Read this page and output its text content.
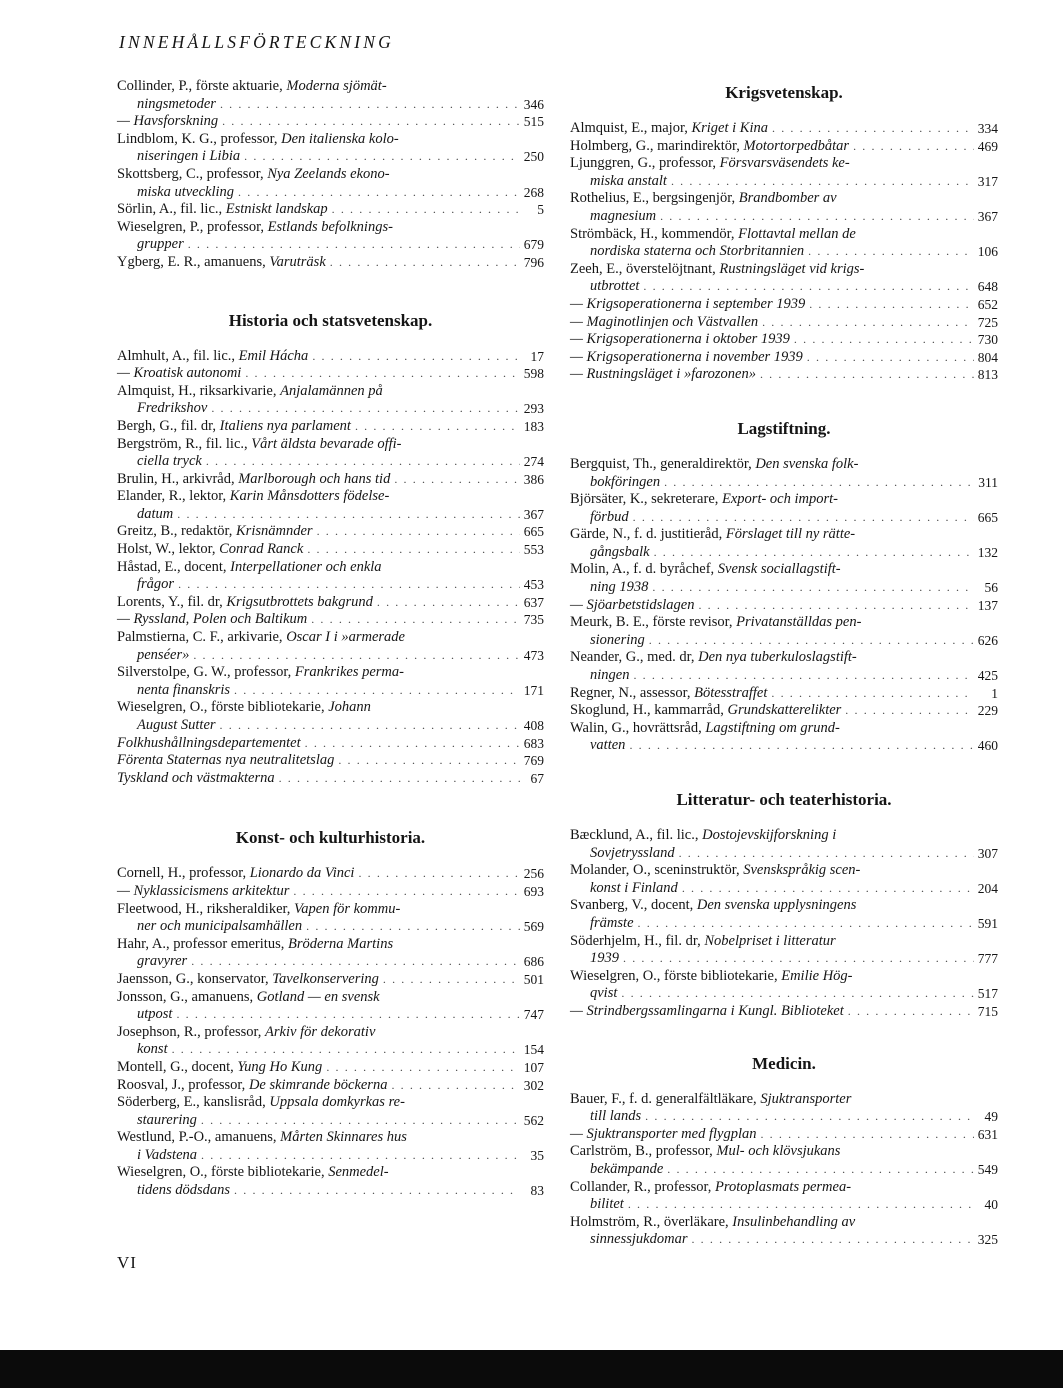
INNEHÅLLSFÖRTECKNING
Collinder, P., förste aktuarie, Moderna sjömät-
ningsmetoder . . .	346
— Havsforskning . . .	515
Lindblom, K. G., professor, Den italienska kolo-
niseringen i Libia . . .	250
Skottsberg, C., professor, Nya Zeelands ekono-
miska utveckling . . .	268
Sörlin, A., fil. lic., Estniskt landskap . . .	5
Wieselgren, P., professor, Estlands befolknings-
grupper . . .	679
Ygberg, E. R., amanuens, Varuträsk . . .	796
Historia och statsvetenskap.
Almhult, A., fil. lic., Emil Hácha . . .	17
— Kroatisk autonomi . . .	598
Almquist, H., riksarkivarie, Anjalamännen på
Fredrikshov . . .	293
Bergh, G., fil. dr, Italiens nya parlament . . .	183
Bergström, R., fil. lic., Vårt äldsta bevarade offi-
ciella tryck . . .	274
Brulin, H., arkivråd, Marlborough och hans tid . . .	386
Elander, R., lektor, Karin Månsdotters födelse-
datum . . .	367
Greitz, B., redaktör, Krisnämnder . . .	665
Holst, W., lektor, Conrad Ranck . . .	553
Håstad, E., docent, Interpellationer och enkla
frågor . . .	453
Lorents, Y., fil. dr, Krigsutbrottets bakgrund . . .	637
— Ryssland, Polen och Baltikum . . .	735
Palmstierna, C. F., arkivarie, Oscar I i »armerade
penséer» . . .	473
Silverstolpe, G. W., professor, Frankrikes perma-
nenta finanskris . . .	171
Wieselgren, O., förste bibliotekarie, Johann
August Sutter . . .	408
Folkhushållningsdepartementet . . .	683
Förenta Staternas nya neutralitetslag . . .	769
Tyskland och västmakterna . . .	67
Konst- och kulturhistoria.
Cornell, H., professor, Lionardo da Vinci . . .	256
— Nyklassicismens arkitektur . . .	693
Fleetwood, H., riksheraldiker, Vapen för kommu-
ner och municipalsamhällen . . .	569
Hahr, A., professor emeritus, Bröderna Martins
gravyrer . . .	686
Jaensson, G., konservator, Tavelkonservering . . .	501
Jonsson, G., amanuens, Gotland — en svensk
utpost . . .	747
Josephson, R., professor, Arkiv för dekorativ
konst . . .	154
Montell, G., docent, Yung Ho Kung . . .	107
Roosval, J., professor, De skimrande böckerna . . .	302
Söderberg, E., kanslisråd, Uppsala domkyrkas re-
staurering . . .	562
Westlund, P.-O., amanuens, Mårten Skinnares hus
i Vadstena . . .	35
Wieselgren, O., förste bibliotekarie, Senmedel-
tidens dödsdans . . .	83
Krigsvetenskap.
Almquist, E., major, Kriget i Kina . . .	334
Holmberg, G., marindirektör, Motortorpedbåtar . . .	469
Ljunggren, G., professor, Försvarsväsendets ke-
miska anstalt . . .	317
Rothelius, E., bergsingenjör, Brandbomber av
magnesium . . .	367
Strömbäck, H., kommendör, Flottavtal mellan de
nordiska staterna och Storbritannien . . .	106
Zeeh, E., överstelöjtnant, Rustningsläget vid krigs-
utbrottet . . .	648
— Krigsoperationerna i september 1939 . . .	652
— Maginotlinjen och Västvallen . . .	725
— Krigsoperationerna i oktober 1939 . . .	730
— Krigsoperationerna i november 1939 . . .	804
— Rustningsläget i »farozonen» . . .	813
Lagstiftning.
Bergquist, Th., generaldirektör, Den svenska folk-
bokföringen . . .	311
Björsäter, K., sekreterare, Export- och import-
förbud . . .	665
Gärde, N., f. d. justitieråd, Förslaget till ny rätte-
gångsbalk . . .	132
Molin, A., f. d. byråchef, Svensk sociallagstift-
ning 1938 . . .	56
— Sjöarbetstidslagen . . .	137
Meurk, B. E., förste revisor, Privatanställdas pen-
sionering . . .	626
Neander, G., med. dr, Den nya tuberkuloslagstift-
ningen . . .	425
Regner, N., assessor, Bötesstraffet . . .	1
Skoglund, H., kammarråd, Grundskatterelikter . . .	229
Walin, G., hovrättsråd, Lagstiftning om grund-
vatten . . .	460
Litteratur- och teaterhistoria.
Bæcklund, A., fil. lic., Dostojevskijforskning i
Sovjetryssland . . .	307
Molander, O., sceninstruktör, Svenskspråkig scen-
konst i Finland . . .	204
Svanberg, V., docent, Den svenska upplysningens
främste . . .	591
Söderhjelm, H., fil. dr, Nobelpriset i litteratur
1939 . . .	777
Wieselgren, O., förste bibliotekarie, Emilie Hög-
qvist . . .	517
— Strindbergssamlingarna i Kungl. Biblioteket . . .	715
Medicin.
Bauer, F., f. d. generalfältläkare, Sjuktransporter
till lands . . .	49
— Sjuktransporter med flygplan . . .	631
Carlström, B., professor, Mul- och klövsjukans
bekämpande . . .	549
Collander, R., professor, Protoplasmats permea-
bilitet . . .	40
Holmström, R., överläkare, Insulinbehandling av
sinnessjukdomar . . .	325
VI
